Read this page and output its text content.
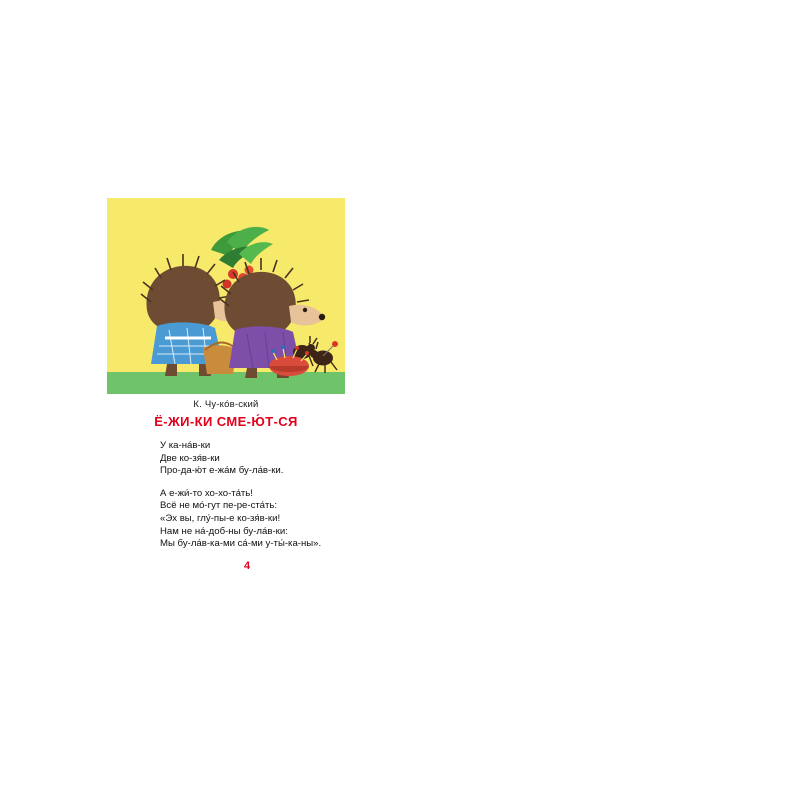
К. Чу-ко́в-ский
Ё-ЖИ-КИ СМЕ-Ю́Т-СЯ
У ка-на́в-ки
Две ко-зя́в-ки
Про-да-ю́т е-жа́м бу-ла́в-ки.
А е-жи́-то хо-хо-та́ть!
Всё не мо́-гут пе-ре-ста́ть:
«Эх вы, глу́-пы-е ко-зя́в-ки!
Нам не на́-доб-ны бу-ла́в-ки:
Мы бу-ла́в-ка-ми са́-ми у-ты́-ка-ны».
4
